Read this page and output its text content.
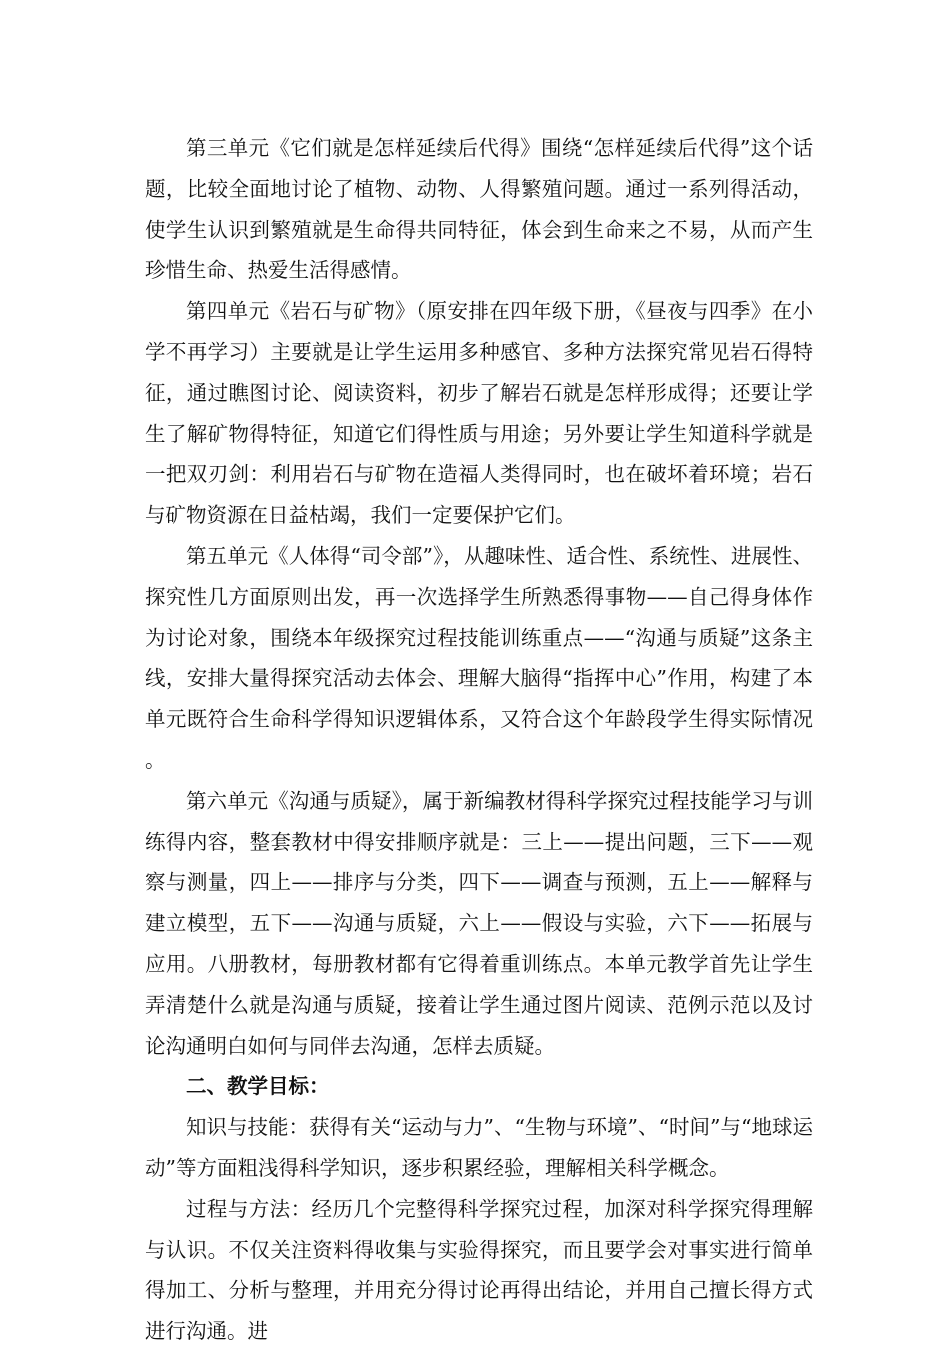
第三单元《它们就是怎样延续后代得》围绕“怎样延续后代得”这个话题，比较全面地讨论了植物、动物、人得繁殖问题。通过一系列得活动，使学生认识到繁殖就是生命得共同特征，体会到生命来之不易，从而产生珍惜生命、热爱生活得感情。

第四单元《岩石与矿物》（原安排在四年级下册，《昼夜与四季》在小学不再学习）主要就是让学生运用多种感官、多种方法探究常见岩石得特征，通过瞧图讨论、阅读资料，初步了解岩石就是怎样形成得；还要让学生了解矿物得特征，知道它们得性质与用途；另外要让学生知道科学就是一把双刃剑：利用岩石与矿物在造福人类得同时，也在破坏着环境；岩石与矿物资源在日益枯竭，我们一定要保护它们。

第五单元《人体得“司令部”》，从趣味性、适合性、系统性、进展性、探究性几方面原则出发，再一次选择学生所熟悉得事物——自己得身体作为讨论对象，围绕本年级探究过程技能训练重点——“沟通与质疑”这条主线，安排大量得探究活动去体会、理解大脑得“指挥中心”作用，构建了本单元既符合生命科学得知识逻辑体系，又符合这个年龄段学生得实际情况。

第六单元《沟通与质疑》，属于新编教材得科学探究过程技能学习与训练得内容，整套教材中得安排顺序就是：三上——提出问题，三下——观察与测量，四上——排序与分类，四下——调查与预测，五上——解释与建立模型，五下——沟通与质疑，六上——假设与实验，六下——拓展与应用。八册教材，每册教材都有它得着重训练点。本单元教学首先让学生弄清楚什么就是沟通与质疑，接着让学生通过图片阅读、范例示范以及讨论沟通明白如何与同伴去沟通，怎样去质疑。

二、教学目标：

知识与技能：获得有关“运动与力”、“生物与环境”、“时间”与“地球运动”等方面粗浅得科学知识，逐步积累经验，理解相关科学概念。

过程与方法：经历几个完整得科学探究过程，加深对科学探究得理解与认识。不仅关注资料得收集与实验得探究，而且要学会对事实进行简单得加工、分析与整理，并用充分得讨论再得出结论，并用自己擅长得方式进行沟通。进
